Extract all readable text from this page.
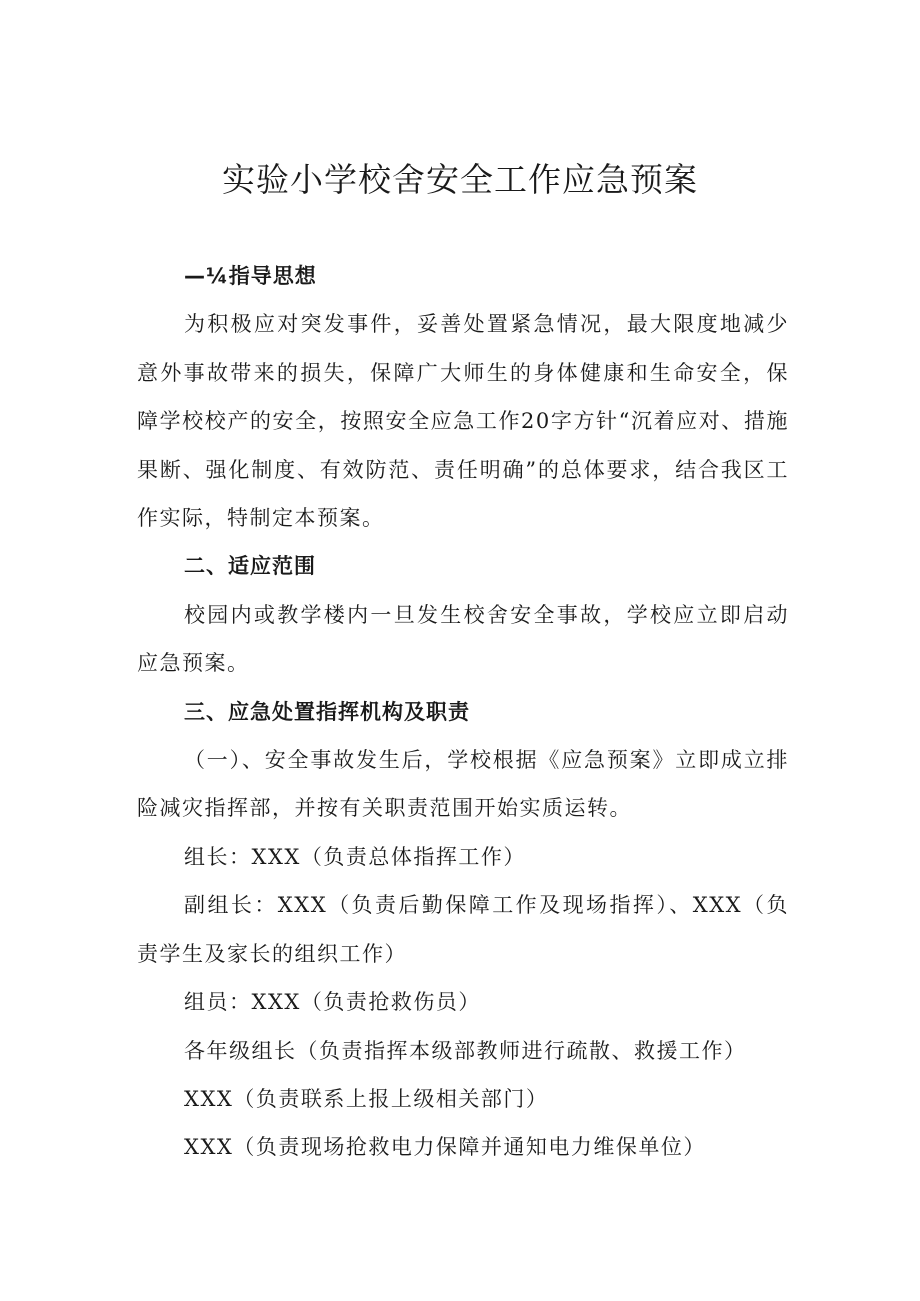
实验小学校舍安全工作应急预案
—¼指导思想

为积极应对突发事件，妥善处置紧急情况，最大限度地减少意外事故带来的损失，保障广大师生的身体健康和生命安全，保障学校校产的安全，按照安全应急工作20字方针“沉着应对、措施果断、强化制度、有效防范、责任明确”的总体要求，结合我区工作实际，特制定本预案。

二、适应范围

校园内或教学楼内一旦发生校舍安全事故，学校应立即启动应急预案。

三、应急处置指挥机构及职责

（一）、安全事故发生后，学校根据《应急预案》立即成立排险减灾指挥部，并按有关职责范围开始实质运转。

组长：XXX（负责总体指挥工作）

副组长：XXX（负责后勤保障工作及现场指挥）、XXX（负责学生及家长的组织工作）

组员：XXX（负责抢救伤员）

各年级组长（负责指挥本级部教师进行疏散、救援工作）

XXX（负责联系上报上级相关部门）

XXX（负责现场抢救电力保障并通知电力维保单位）
